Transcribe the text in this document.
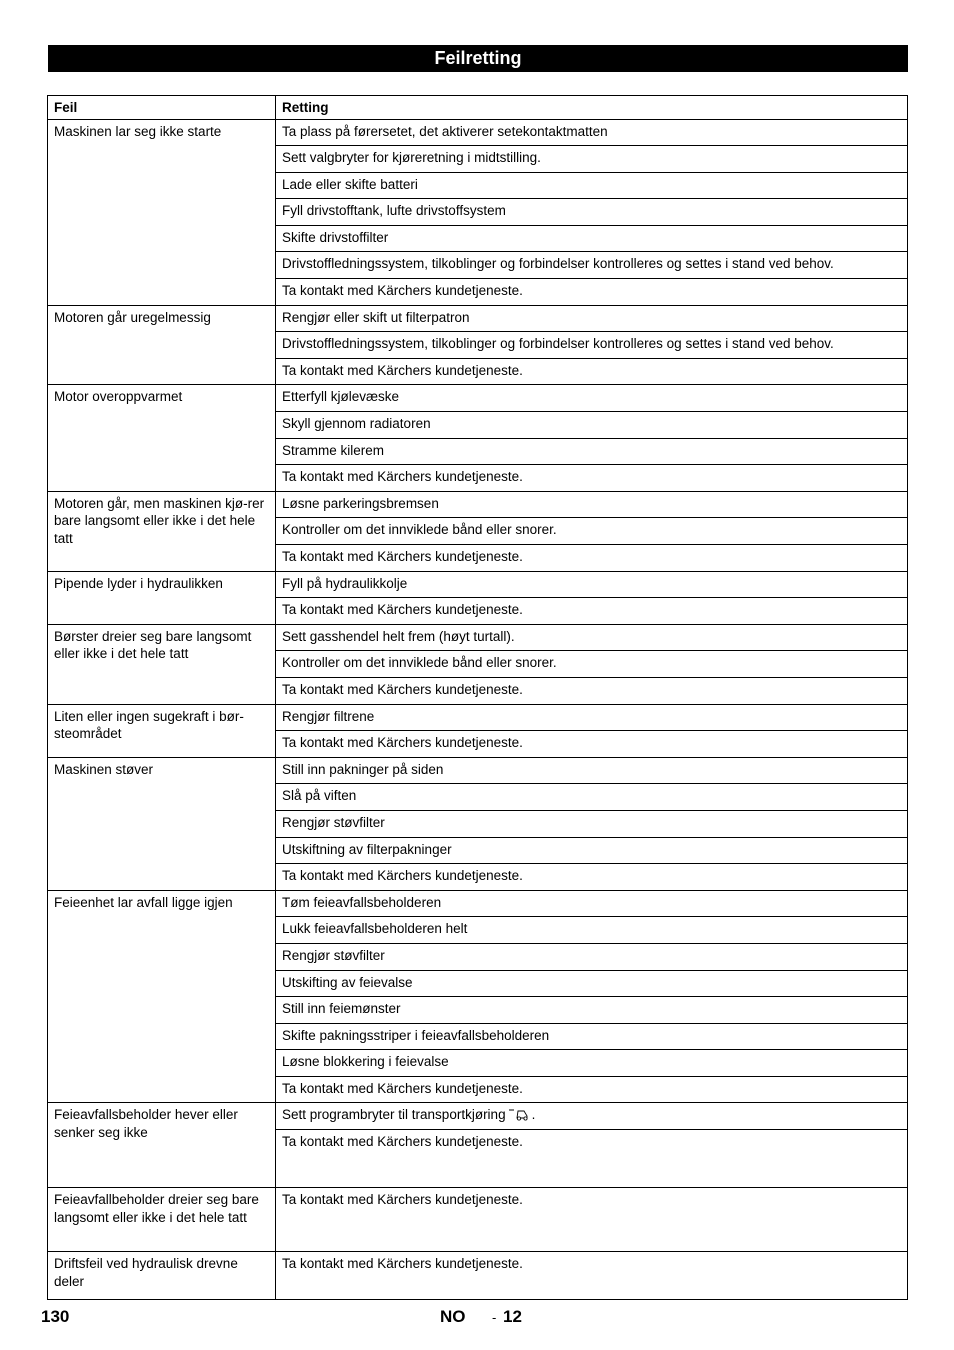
Feilretting
Feil	Retting
Maskinen lar seg ikke starte	Ta plass på førersetet, det aktiverer setekontaktmatten
	Sett valgbryter for kjøreretning i midtstilling.
	Lade eller skifte batteri
	Fyll drivstofftank, lufte drivstoffsystem
	Skifte drivstoffilter
	Drivstoffledningssystem, tilkoblinger og forbindelser kontrolleres og settes i stand ved behov.
	Ta kontakt med Kärchers kundetjeneste.
Motoren går uregelmessig	Rengjør eller skift ut filterpatron
	Drivstoffledningssystem, tilkoblinger og forbindelser kontrolleres og settes i stand ved behov.
	Ta kontakt med Kärchers kundetjeneste.
Motor overoppvarmet	Etterfyll kjølevæske
	Skyll gjennom radiatoren
	Stramme kilerem
	Ta kontakt med Kärchers kundetjeneste.
Motoren går, men maskinen kjø-rer bare langsomt eller ikke i det hele tatt	Løsne parkeringsbremsen
	Kontroller om det innviklede bånd eller snorer.
	Ta kontakt med Kärchers kundetjeneste.
Pipende lyder i hydraulikken	Fyll på hydraulikkolje
	Ta kontakt med Kärchers kundetjeneste.
Børster dreier seg bare langsomt eller ikke i det hele tatt	Sett gasshendel helt frem (høyt turtall).
	Kontroller om det innviklede bånd eller snorer.
	Ta kontakt med Kärchers kundetjeneste.
Liten eller ingen sugekraft i bør-steområdet	Rengjør filtrene
	Ta kontakt med Kärchers kundetjeneste.
Maskinen støver	Still inn pakninger på siden
	Slå på viften
	Rengjør støvfilter
	Utskiftning av filterpakninger
	Ta kontakt med Kärchers kundetjeneste.
Feieenhet lar avfall ligge igjen	Tøm feieavfallsbeholderen
	Lukk feieavfallsbeholderen helt
	Rengjør støvfilter
	Utskifting av feievalse
	Still inn feiemønster
	Skifte pakningsstriper i feieavfallsbeholderen
	Løsne blokkering i feievalse
	Ta kontakt med Kärchers kundetjeneste.
Feieavfallsbeholder hever eller senker seg ikke	Sett programbryter til transportkjøring .
	Ta kontakt med Kärchers kundetjeneste.
Feieavfallbeholder dreier seg bare langsomt eller ikke i det hele tatt	Ta kontakt med Kärchers kundetjeneste.
Driftsfeil ved hydraulisk drevne deler	Ta kontakt med Kärchers kundetjeneste.
130	NO - 12
